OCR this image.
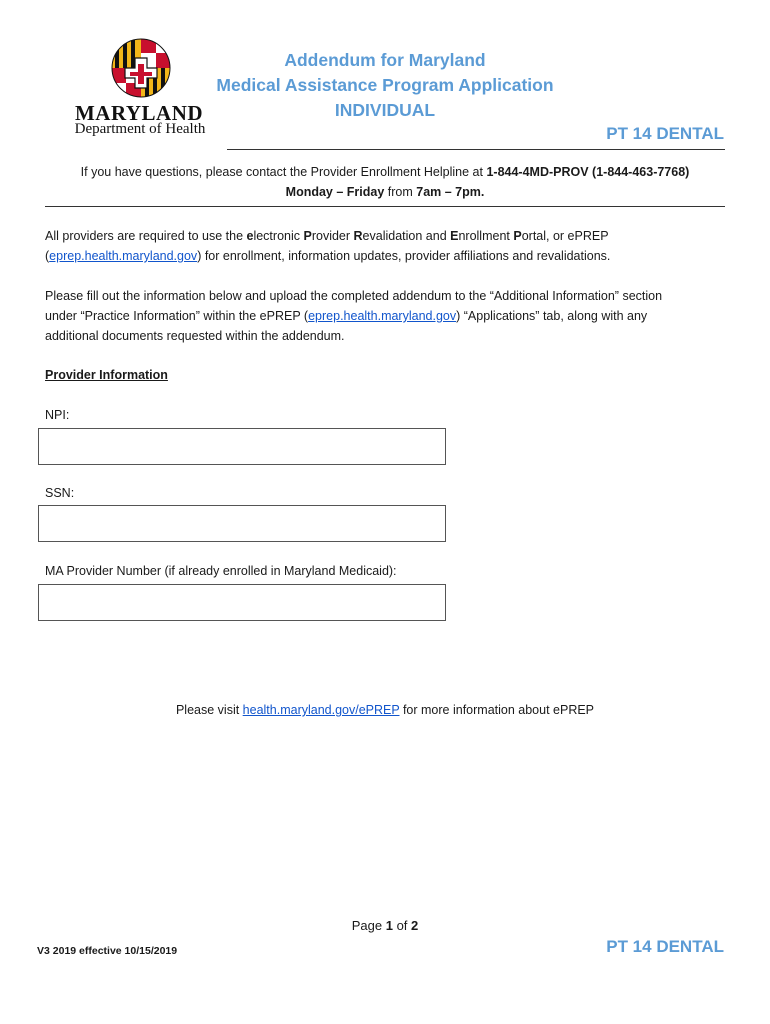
MARYLAND
Department of Health
Addendum for Maryland
Medical Assistance Program Application
INDIVIDUAL
PT 14 DENTAL
If you have questions, please contact the Provider Enrollment Helpline at 1-844-4MD-PROV (1-844-463-7768)
Monday – Friday from 7am – 7pm.
All providers are required to use the electronic Provider Revalidation and Enrollment Portal, or ePREP
(eprep.health.maryland.gov) for enrollment, information updates, provider affiliations and revalidations.
Please fill out the information below and upload the completed addendum to the “Additional Information” section
under “Practice Information” within the ePREP (eprep.health.maryland.gov) “Applications” tab, along with any
additional documents requested within the addendum.
Provider Information
NPI:
SSN:
MA Provider Number (if already enrolled in Maryland Medicaid):
Please visit health.maryland.gov/ePREP for more information about ePREP
Page 1 of 2
V3 2019 effective 10/15/2019	PT 14 DENTAL
